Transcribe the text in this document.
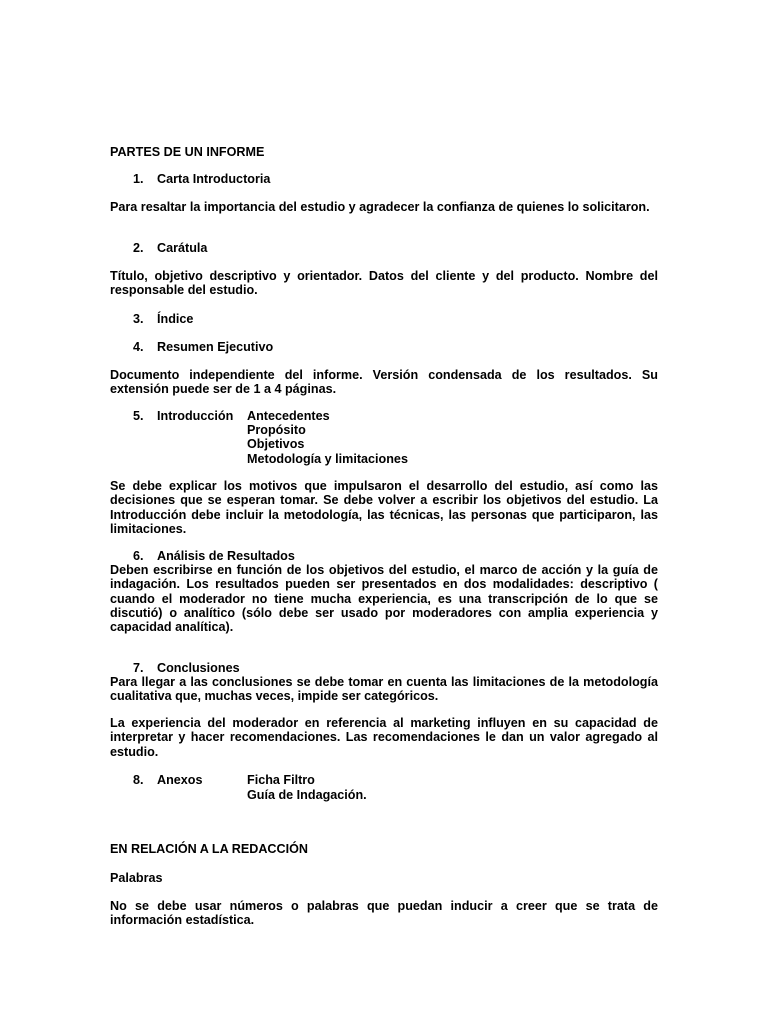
PARTES DE UN INFORME
1.	Carta Introductoria

Para resaltar la importancia del estudio y agradecer la confianza de quienes lo solicitaron.

2.	Carátula

Título, objetivo descriptivo y orientador. Datos del cliente y del producto. Nombre del responsable del estudio.

3.	Índice
4.	Resumen Ejecutivo

Documento independiente del informe. Versión condensada de los resultados. Su extensión puede ser de 1 a 4 páginas.

5.	Introducción Antecedentes
Propósito
Objetivos
Metodología y limitaciones

Se debe explicar los motivos que impulsaron el desarrollo del estudio, así como las decisiones que se esperan tomar. Se debe volver a escribir los objetivos del estudio. La Introducción debe incluir la metodología, las técnicas, las personas que participaron, las limitaciones.

6.	Análisis de Resultados

Deben escribirse en función de los objetivos del estudio, el marco de acción y la guía de indagación. Los resultados pueden ser presentados en dos modalidades: descriptivo ( cuando el moderador no tiene mucha experiencia, es una transcripción de lo que se discutió) o analítico (sólo debe ser usado por moderadores con amplia experiencia y capacidad analítica).

7.	Conclusiones

Para llegar a las conclusiones se debe tomar en cuenta las limitaciones de la metodología cualitativa que, muchas veces, impide ser categóricos.

La experiencia del moderador en referencia al marketing influyen en su capacidad de interpretar y hacer recomendaciones. Las recomendaciones le dan un valor agregado al estudio.

8.	Anexos	Ficha Filtro
Guía de Indagación.
EN RELACIÓN A LA REDACCIÓN
Palabras

No se debe usar números o palabras que puedan inducir a creer que se trata de información estadística.
